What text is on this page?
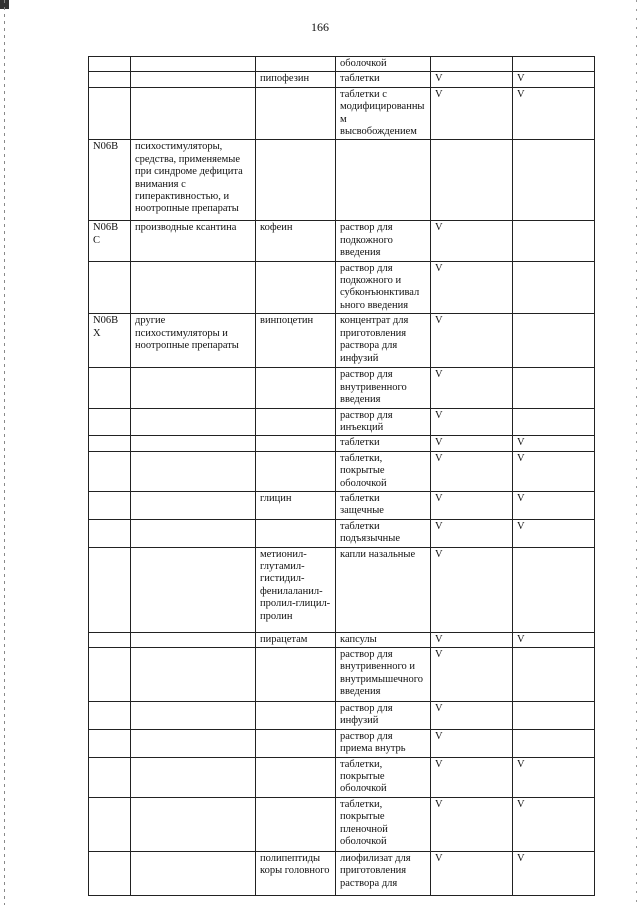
166
			оболочкой		
		пипофезин	таблетки	V	V
			таблетки с модифицированны м высвобождением	V	V
N06B	психостимуляторы, средства, применяемые при синдроме дефицита внимания с гиперактивностью, и ноотропные препараты				
N06B C	производные ксантина	кофеин	раствор для подкожного введения	V	
			раствор для подкожного и субконъюнктивал ьного введения	V	
N06B X	другие психостимуляторы и ноотропные препараты	винпоцетин	концентрат для приготовления раствора для инфузий	V	
			раствор для внутривенного введения	V	
			раствор для инъекций	V	
			таблетки	V	V
			таблетки, покрытые оболочкой	V	V
		глицин	таблетки защечные	V	V
			таблетки подъязычные	V	V
		метионил-глутамил-гистидил-фенилаланил-пролил-глицил-пролин	капли назальные	V	
		пирацетам	капсулы	V	V
			раствор для внутривенного и внутримышечного введения	V	
			раствор для инфузий	V	
			раствор для приема внутрь	V	
			таблетки, покрытые оболочкой	V	V
			таблетки, покрытые пленочной оболочкой	V	V
		полипептиды коры головного	лиофилизат для приготовления раствора для	V	V
